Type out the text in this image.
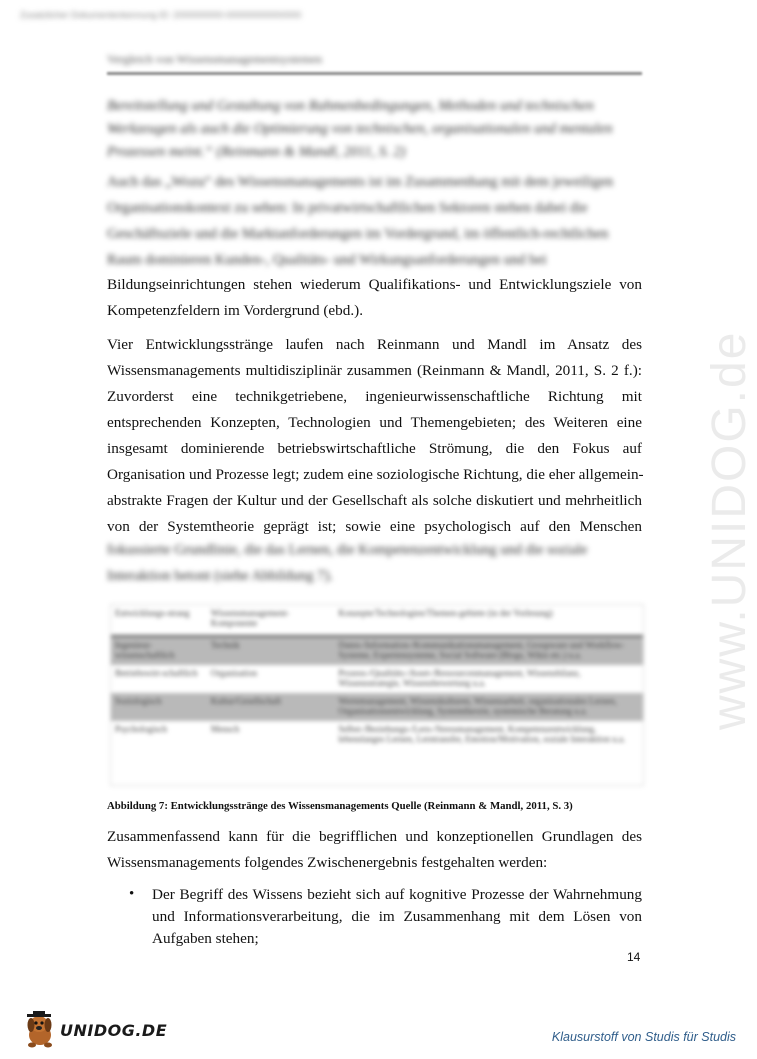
Zusatzlicher Dokumentenkennung ID: 2000000000-000000000000000
Vergleich von Wissensmanagementsystemen
Bereitstellung und Gestaltung von Rahmenbedingungen, Methoden und technischen
Werkzeugen als auch die Optimierung von technischen, organisationalen und mentalen
Prozessen meint.“ (Reinmann & Mandl, 2011, S. 2)
Auch das „Wozu“ des Wissensmanagements ist im Zusammenhang mit dem jeweiligen
Organisationskontext zu sehen: In privatwirtschaftlichen Sektoren stehen dabei die
Geschäftsziele und die Marktanforderungen im Vordergrund, im öffentlich-rechtlichen
Raum dominieren Kunden-, Qualitäts- und Wirkungsanforderungen und bei
Bildungseinrichtungen stehen wiederum Qualifikations- und Entwicklungsziele von
Kompetenzfeldern im Vordergrund (ebd.).
Vier Entwicklungsstränge laufen nach Reinmann und Mandl im Ansatz des
Wissensmanagements multidisziplinär zusammen (Reinmann & Mandl, 2011, S. 2 f.):
Zuvorderst eine technikgetriebene, ingenieurwissenschaftliche Richtung mit
entsprechenden Konzepten, Technologien und Themengebieten; des Weiteren eine
insgesamt dominierende betriebswirtschaftliche Strömung, die den Fokus auf
Organisation und Prozesse legt; zudem eine soziologische Richtung, die eher allgemein-
abstrakte Fragen der Kultur und der Gesellschaft als solche diskutiert und mehrheitlich
von der Systemtheorie geprägt ist; sowie eine psychologisch auf den Menschen
fokussierte Grundlinie, die das Lernen, die Kompetenzentwicklung und die soziale
Interaktion betont (siehe Abbildung 7).
Entwicklungs-strang	Wissensmanagement-Komponente	Konzepte/Technologien/Themen-gebiete (in der Vorlesung)
Ingenieur-wissenschaftlich	Technik	Daten-/Information-/Kommunikationsmanagement, Groupware und Workflow-Systeme, Expertensysteme, Social Software (Blogs, Wikis etc.) u.a.
Betriebswirt-schaftlich	Organisation	Prozess-/Qualitäts-/Asset-/Ressourcenmanagement, Wissensbilanz, Wissensstrategie, Wissensbewertung u.a.
Soziologisch	Kultur/Gesellschaft	Wertemanagement, Wissenskulturen, Wissensarbeit, organisationales Lernen, Organisationsentwicklung, Systemtheorie, systemische Beratung u.a.
Psychologisch	Mensch	Selbst-/Beziehungs-/Lern-/Stressmanagement, Kompetenzentwicklung, lebenslanges Lernen, Lerntransfer, Emotion/Motivation, soziale Interaktion u.a.
Abbildung 7: Entwicklungsstränge des Wissensmanagements Quelle (Reinmann & Mandl, 2011, S. 3)
Zusammenfassend kann für die begrifflichen und konzeptionellen Grundlagen des
Wissensmanagements folgendes Zwischenergebnis festgehalten werden:
• Der Begriff des Wissens bezieht sich auf kognitive Prozesse der Wahrnehmung
und Informationsverarbeitung, die im Zusammenhang mit dem Lösen von
Aufgaben stehen;
14
www.UNIDOG.de
UNIDOG.DE	Klausurstoff von Studis für Studis
